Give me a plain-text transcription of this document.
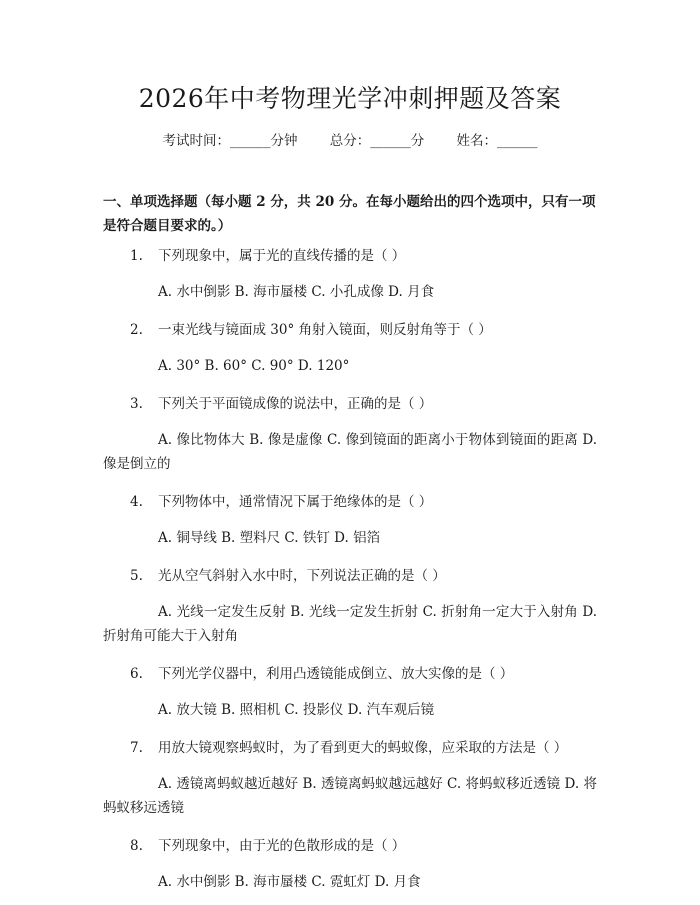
2026年中考物理光学冲刺押题及答案
考试时间：______分钟 总分：______分 姓名：______
一、单项选择题（每小题 2 分，共 20 分。在每小题给出的四个选项中，只有一项是符合题目要求的。）
1. 下列现象中，属于光的直线传播的是（ ）
A. 水中倒影 B. 海市蜃楼 C. 小孔成像 D. 月食
2. 一束光线与镜面成 30° 角射入镜面，则反射角等于（ ）
A. 30° B. 60° C. 90° D. 120°
3. 下列关于平面镜成像的说法中，正确的是（ ）
A. 像比物体大 B. 像是虚像 C. 像到镜面的距离小于物体到镜面的距离 D. 像是倒立的
4. 下列物体中，通常情况下属于绝缘体的是（ ）
A. 铜导线 B. 塑料尺 C. 铁钉 D. 铝箔
5. 光从空气斜射入水中时，下列说法正确的是（ ）
A. 光线一定发生反射 B. 光线一定发生折射 C. 折射角一定大于入射角 D. 折射角可能大于入射角
6. 下列光学仪器中，利用凸透镜能成倒立、放大实像的是（ ）
A. 放大镜 B. 照相机 C. 投影仪 D. 汽车观后镜
7. 用放大镜观察蚂蚁时，为了看到更大的蚂蚁像，应采取的方法是（ ）
A. 透镜离蚂蚁越近越好 B. 透镜离蚂蚁越远越好 C. 将蚂蚁移近透镜 D. 将蚂蚁移远透镜
8. 下列现象中，由于光的色散形成的是（ ）
A. 水中倒影 B. 海市蜃楼 C. 霓虹灯 D. 月食
